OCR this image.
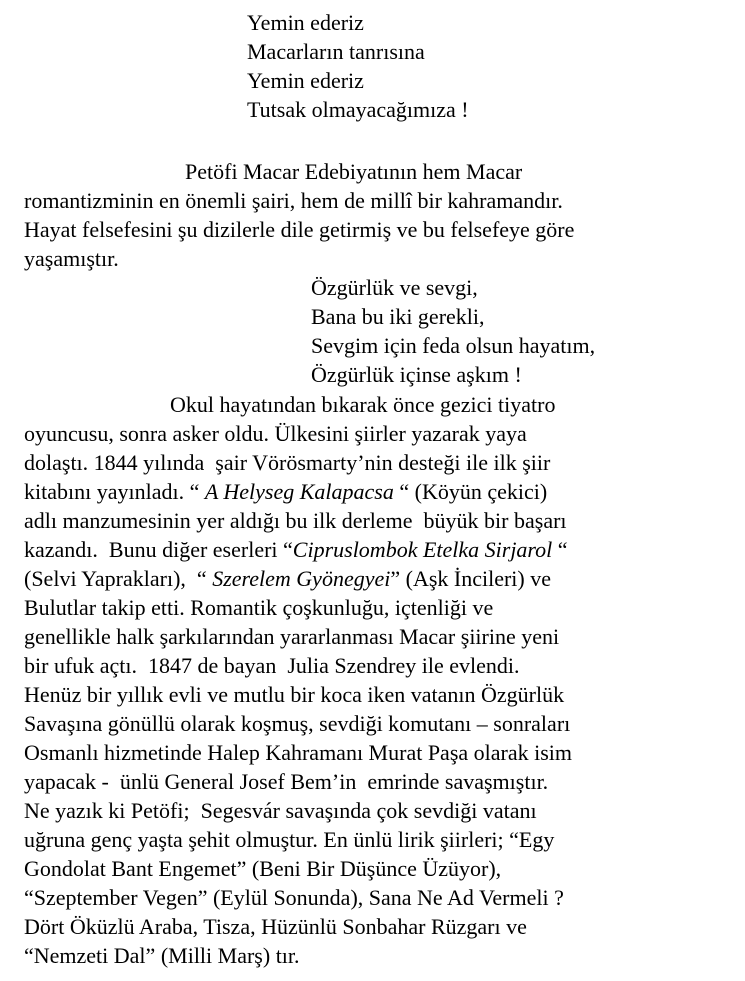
Yemin ederiz
Macarların tanrısına
Yemin ederiz
Tutsak olmayacağımıza !
Petöfi Macar Edebiyatının hem Macar
romantizminin en önemli şairi, hem de millî bir kahramandır.
Hayat felsefesini şu dizilerle dile getirmiş ve bu felsefeye göre
yaşamıştır.
Özgürlük ve sevgi,
Bana bu iki gerekli,
Sevgim için feda olsun hayatım,
Özgürlük içinse aşkım !
Okul hayatından bıkarak önce gezici tiyatro
oyuncusu, sonra asker oldu. Ülkesini şiirler yazarak yaya
dolaştı. 1844 yılında  şair Vörösmarty’nin desteği ile ilk şiir
kitabını yayınladı. “ A Helyseg Kalapacsa “ (Köyün çekici)
adlı manzumesinin yer aldığı bu ilk derleme  büyük bir başarı
kazandı.  Bunu diğer eserleri “Cipruslombok Etelka Sirjarol “
(Selvi Yaprakları),  “ Szerelem Gyönegyei” (Aşk İncileri) ve
Bulutlar takip etti. Romantik çoşkunluğu, içtenliği ve
genellikle halk şarkılarından yararlanması Macar şiirine yeni
bir ufuk açtı.  1847 de bayan  Julia Szendrey ile evlendi.
Henüz bir yıllık evli ve mutlu bir koca iken vatanın Özgürlük
Savaşına gönüllü olarak koşmuş, sevdiği komutanı – sonraları
Osmanlı hizmetinde Halep Kahramanı Murat Paşa olarak isim
yapacak -  ünlü General Josef Bem’in  emrinde savaşmıştır.
Ne yazık ki Petöfi;  Segesvár savaşında çok sevdiği vatanı
uğruna genç yaşta şehit olmuştur. En ünlü lirik şiirleri; “Egy
Gondolat Bant Engemet” (Beni Bir Düşünce Üzüyor),
“Szeptember Vegen” (Eylül Sonunda), Sana Ne Ad Vermeli ?
Dört Öküzlü Araba, Tisza, Hüzünlü Sonbahar Rüzgarı ve
“Nemzeti Dal” (Milli Marş) tır.
